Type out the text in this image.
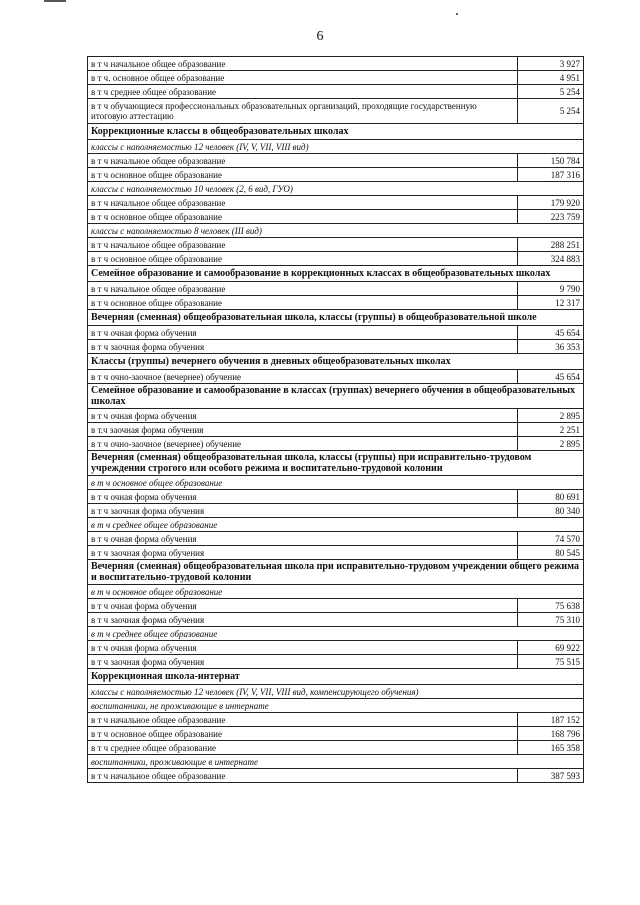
6
в т ч начальное общее образование	3 927
в т ч. основное общее образование	4 951
в т ч среднее общее образование	5 254
в т ч обучающиеся профессиональных образовательных организаций, проходящие государственную итоговую аттестацию	5 254
Коррекционные классы в общеобразовательных школах	
классы с наполняемостью 12 человек (IV, V, VII, VIII вид)	
в т ч начальное общее образование	150 784
в т ч основное общее образование	187 316
классы с наполняемостью 10 человек (2, 6 вид, ГУО)	
в т ч начальное общее образование	179 920
в т ч основное общее образование	223 759
классы с наполняемостью 8 человек (III вид)	
в т ч начальное общее образование	288 251
в т ч основное общее образование	324 883
Семейное образование и самообразование в коррекционных классах в общеобразовательных школах	
в т ч начальное общее образование	9 790
в т ч основное общее образование	12 317
Вечерняя (сменная) общеобразовательная школа, классы (группы) в общеобразовательной школе	
в т ч очная форма обучения	45 654
в т ч заочная форма обучения	36 353
Классы (группы) вечернего обучения в дневных общеобразовательных школах	
в т ч очно-заочное (вечернее) обучение	45 654
Семейное образование и самообразование в классах (группах) вечернего обучения в общеобразовательных школах	
в т ч очная форма обучения	2 895
в т.ч заочная форма обучения	2 251
в т ч очно-заочное (вечернее) обучение	2 895
Вечерняя (сменная) общеобразовательная школа, классы (группы) при исправительно-трудовом учреждении строгого или особого режима и воспитательно-трудовой колонии	
в т ч основное общее образование	
в т ч очная форма обучения	80 691
в т ч заочная форма обучения	80 340
в т ч среднее общее образование	
в т ч очная форма обучения	74 570
в т ч заочная форма обучения	80 545
Вечерняя (сменная) общеобразовательная школа при исправительно-трудовом учреждении общего режима и воспитательно-трудовой колонии	
в т ч основное общее образование	
в т ч очная форма обучения	75 638
в т ч заочная форма обучения	75 310
в т ч среднее общее образование	
в т ч очная форма обучения	69 922
в т ч заочная форма обучения	75 515
Коррекционная школа-интернат	
классы с наполняемостью 12 человек (IV, V, VII, VIII вид, компенсирующего обучения)	
воспитанники, не проживающие в интернате	
в т ч начальное общее образование	187 152
в т ч основное общее образование	168 796
в т ч среднее общее образование	165 358
воспитанники, проживающие в интернате	
в т ч начальное общее образование	387 593
